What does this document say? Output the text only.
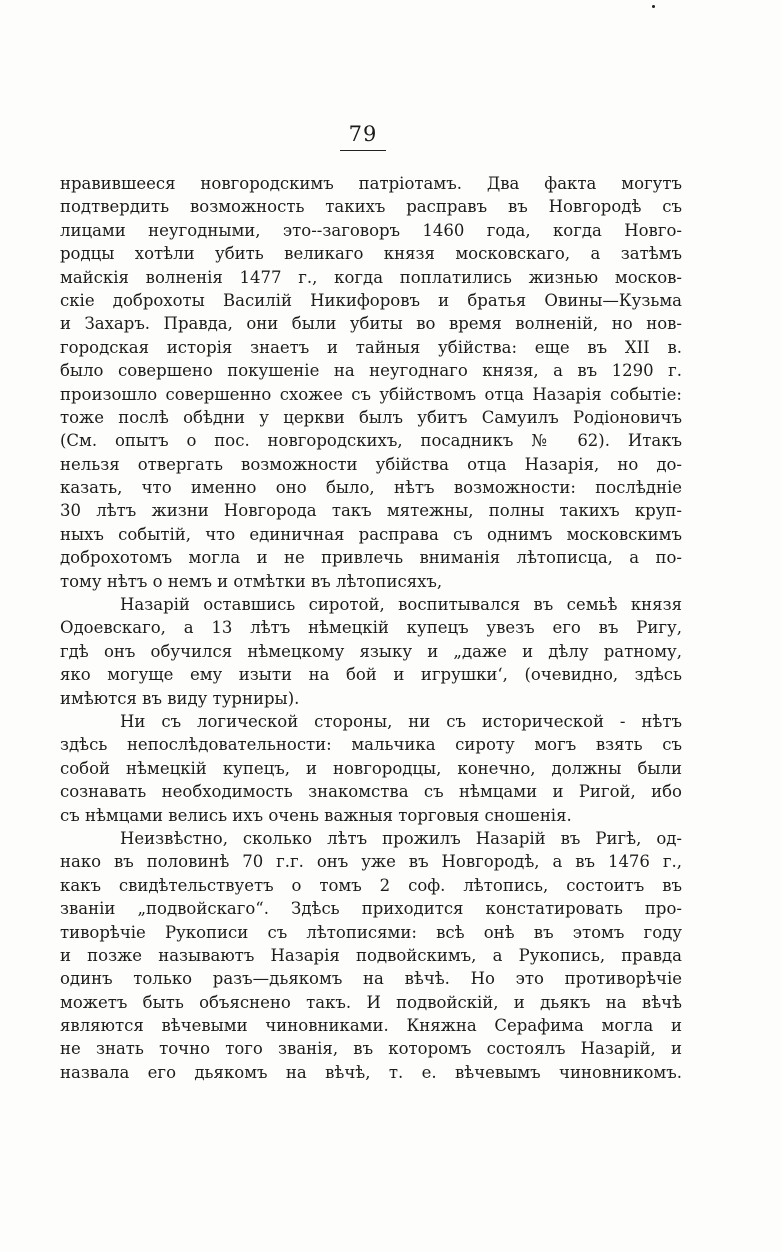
79
нравившееся новгородскимъ патріотамъ. Два факта могутъ
подтвердить возможность такихъ расправъ въ Новгородѣ съ
лицами неугодными, это--заговоръ 1460 года, когда Новго-
родцы хотѣли убить великаго князя московскаго, а затѣмъ
майскія волненія 1477 г., когда поплатились жизнью москов-
скіе доброхоты Василій Никифоровъ и братья Овины—Кузьма
и Захаръ. Правда, они были убиты во время волненій, но нов-
городская исторія знаетъ и тайныя убійства: еще въ XII в.
было совершено покушеніе на неугоднаго князя, а въ 1290 г.
произошло совершенно схожее съ убійствомъ отца Назарія событіе:
тоже послѣ обѣдни у церкви былъ убитъ Самуилъ Родіоновичъ
(См. опытъ о пос. новгородскихъ, посадникъ № 62). Итакъ
нельзя отвергать возможности убійства отца Назарія, но до-
казать, что именно оно было, нѣтъ возможности: послѣдніе
30 лѣтъ жизни Новгорода такъ мятежны, полны такихъ круп-
ныхъ событій, что единичная расправа съ однимъ московскимъ
доброхотомъ могла и не привлечь вниманія лѣтописца, а по-
тому нѣтъ о немъ и отмѣтки въ лѣтописяхъ,
Назарій оставшись сиротой, воспитывался въ семьѣ князя
Одоевскаго, а 13 лѣтъ нѣмецкій купецъ увезъ его въ Ригу,
гдѣ онъ обучился нѣмецкому языку и „даже и дѣлу ратному,
яко могуще ему изыти на бой и игрушки‘, (очевидно, здѣсь
имѣются въ виду турниры).
Ни съ логической стороны, ни съ исторической - нѣтъ
здѣсь непослѣдовательности: мальчика сироту могъ взять съ
собой нѣмецкій купецъ, и новгородцы, конечно, должны были
сознавать необходимость знакомства съ нѣмцами и Ригой, ибо
съ нѣмцами велись ихъ очень важныя торговыя сношенія.
Неизвѣстно, сколько лѣтъ прожилъ Назарій въ Ригѣ, од-
нако въ половинѣ 70 г.г. онъ уже въ Новгородѣ, а въ 1476 г.,
какъ свидѣтельствуетъ о томъ 2 соф. лѣтопись, состоитъ въ
званіи „подвойскаго“. Здѣсь приходится констатировать про-
тиворѣчіе Рукописи съ лѣтописями: всѣ онѣ въ этомъ году
и позже называютъ Назарія подвойскимъ, а Рукопись, правда
одинъ только разъ—дьякомъ на вѣчѣ. Но это противорѣчіе
можетъ быть объяснено такъ. И подвойскій, и дьякъ на вѣчѣ
являются вѣчевыми чиновниками. Княжна Серафима могла и
не знать точно того званія, въ которомъ состоялъ Назарій, и
назвала его дьякомъ на вѣчѣ, т. е. вѣчевымъ чиновникомъ.
